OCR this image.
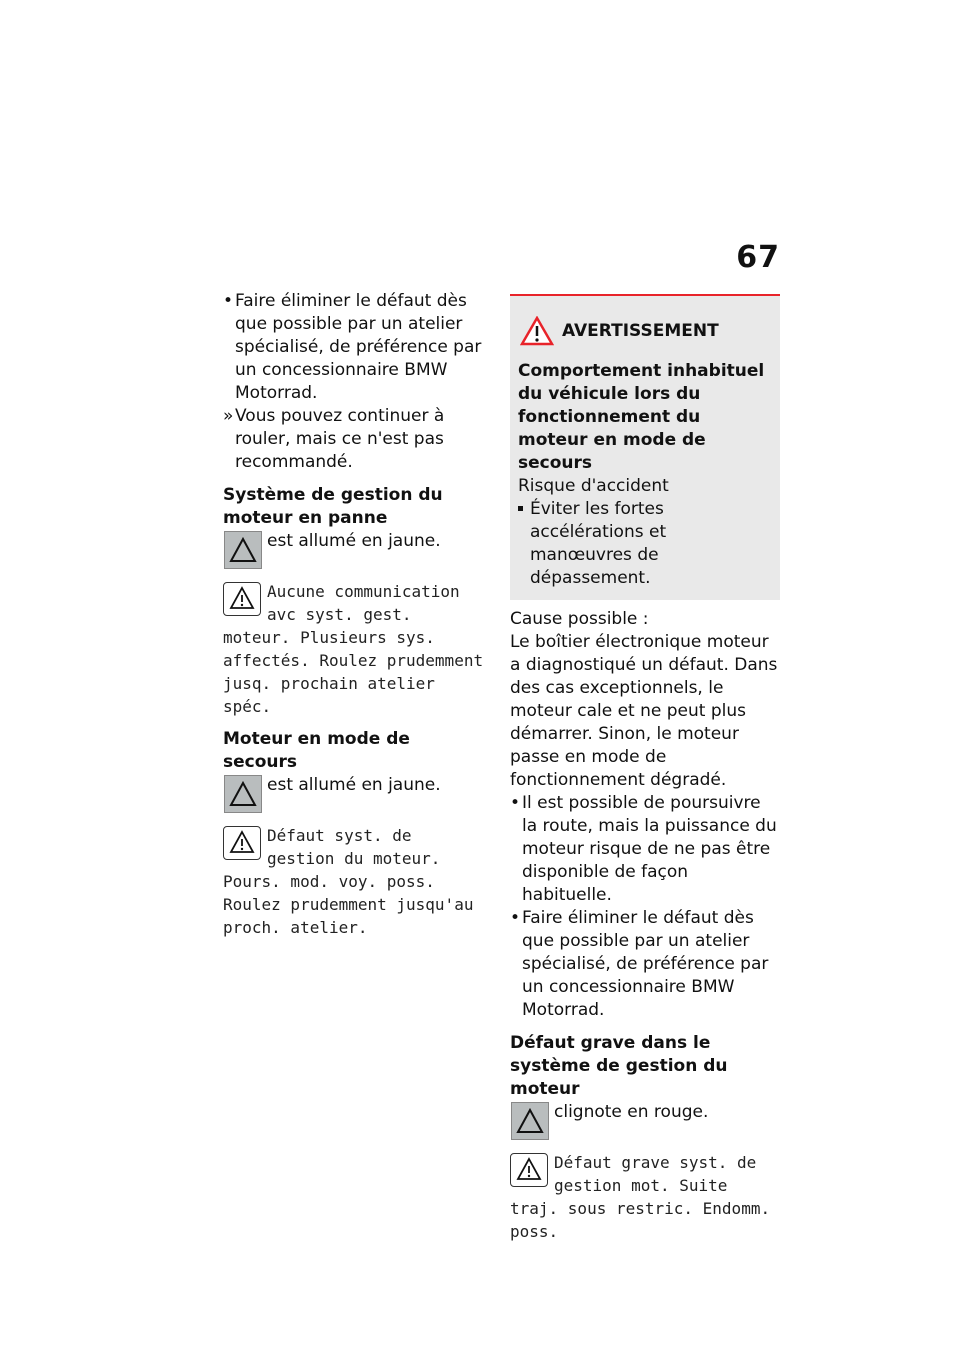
67
• Faire éliminer le défaut dès que possible par un atelier spécialisé, de préférence par un concessionnaire BMW Motorrad.
» Vous pouvez continuer à rouler, mais ce n'est pas recommandé.
Système de gestion du moteur en panne
est allumé en jaune.
Aucune communication avc syst. gest. moteur. Plusieurs sys. affectés. Roulez prudemment jusq. prochain atelier spéc.
Moteur en mode de secours
est allumé en jaune.
Défaut syst. de gestion du moteur. Pours. mod. voy. poss. Roulez prudemment jusqu'au proch. atelier.
AVERTISSEMENT
Comportement inhabituel du véhicule lors du fonctionnement du moteur en mode de secours
Risque d'accident
Éviter les fortes accélérations et manœuvres de dépassement.
Cause possible :
Le boîtier électronique moteur a diagnostiqué un défaut. Dans des cas exceptionnels, le moteur cale et ne peut plus démarrer. Sinon, le moteur passe en mode de fonctionnement dégradé.
• Il est possible de poursuivre la route, mais la puissance du moteur risque de ne pas être disponible de façon habituelle.
• Faire éliminer le défaut dès que possible par un atelier spécialisé, de préférence par un concessionnaire BMW Motorrad.
Défaut grave dans le système de gestion du moteur
clignote en rouge.
Défaut grave syst. de gestion mot. Suite traj. sous restric. Endomm. poss.
